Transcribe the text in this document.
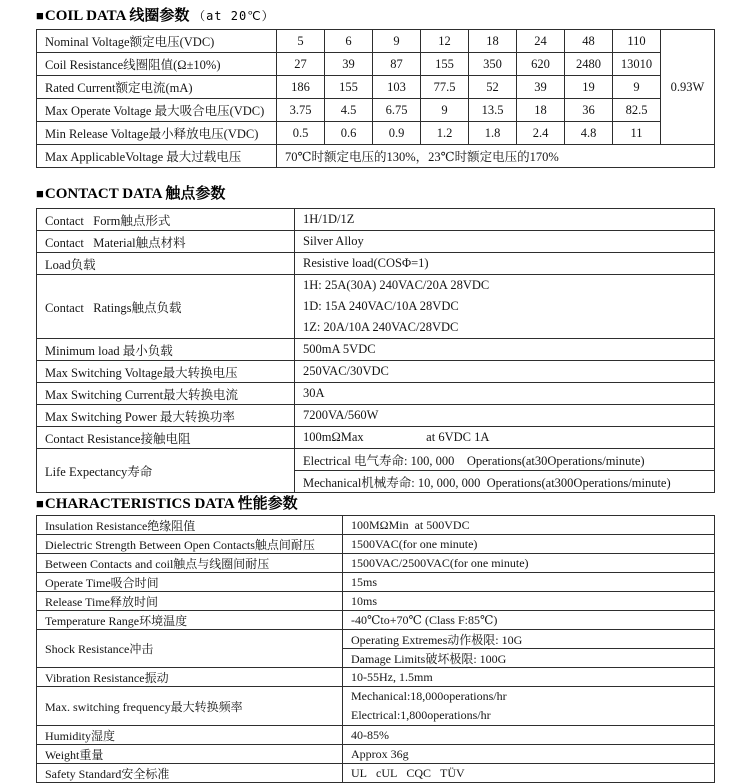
■COIL DATA 线圈参数 （at 20℃）
Nominal Voltage额定电压(VDC)	5	6	9	12	18	24	48	110	0.93W
Coil Resistance线圈阻值(Ω±10%)	27	39	87	155	350	620	2480	13010	
Rated Current额定电流(mA)	186	155	103	77.5	52	39	19	9	
Max Operate Voltage 最大吸合电压(VDC)	3.75	4.5	6.75	9	13.5	18	36	82.5	
Min Release Voltage最小释放电压(VDC)	0.5	0.6	0.9	1.2	1.8	2.4	4.8	11	
Max ApplicableVoltage 最大过载电压	70℃时额定电压的130%，23℃时额定电压的170%								
■CONTACT DATA 触点参数
Contact   Form触点形式	1H/1D/1Z
Contact   Material触点材料	Silver Alloy
Load负载	Resistive load(COSΦ=1)
Contact   Ratings触点负载	1H: 25A(30A) 240VAC/20A 28VDC
1D: 15A 240VAC/10A 28VDC
1Z: 20A/10A 240VAC/28VDC

Minimum load 最小负载	500mA 5VDC
Max Switching Voltage最大转换电压	250VAC/30VDC
Max Switching Current最大转换电流	30A
Max Switching Power 最大转换功率	7200VA/560W
Contact Resistance接触电阻	100mΩMax                    at 6VDC 1A
Life Expectancy寿命	Electrical 电气寿命: 100, 000    Operations(at30Operations/minute)
	Mechanical机械寿命: 10, 000, 000  Operations(at300Operations/minute)
■CHARACTERISTICS DATA 性能参数
Insulation Resistance绝缘阻值	100MΩMin  at 500VDC
Dielectric Strength Between Open Contacts触点间耐压	1500VAC(for one minute)
Between Contacts and coil触点与线圈间耐压	1500VAC/2500VAC(for one minute)
Operate Time吸合时间	15ms
Release Time释放时间	10ms
Temperature Range环境温度	-40℃to+70℃ (Class F:85℃)
Shock Resistance冲击	Operating Extremes动作极限: 10G
	Damage Limits破坏极限: 100G
Vibration Resistance振动	10-55Hz, 1.5mm
Max. switching frequency最大转换频率	Mechanical:18,000operations/hr
Electrical:1,800operations/hr

Humidity湿度	40-85%
Weight重量	Approx 36g
Safety Standard安全标准	UL   cUL   CQC   TÜV
